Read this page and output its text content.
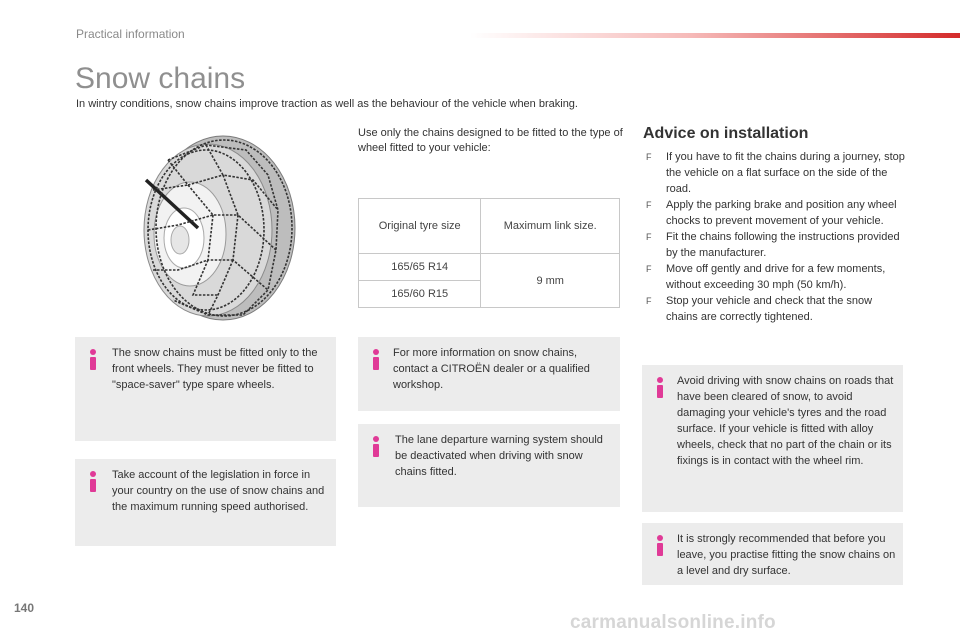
Practical information
Snow chains

In wintry conditions, snow chains improve traction as well as the behaviour of the vehicle when braking.

Use only the chains designed to be fitted to the type of wheel fitted to your vehicle:

Original tyre size	Maximum link size.
165/65 R14	9 mm
165/60 R15	
Advice on installation
F If you have to fit the chains during a journey, stop the vehicle on a flat surface on the side of the road.
F Apply the parking brake and position any wheel chocks to prevent movement of your vehicle.
F Fit the chains following the instructions provided by the manufacturer.
F Move off gently and drive for a few moments, without exceeding 30 mph (50 km/h).
F Stop your vehicle and check that the snow chains are correctly tightened.

The snow chains must be fitted only to the front wheels. They must never be fitted to "space-saver" type spare wheels.

Take account of the legislation in force in your country on the use of snow chains and the maximum running speed authorised.

For more information on snow chains, contact a CITROËN dealer or a qualified workshop.

The lane departure warning system should be deactivated when driving with snow chains fitted.

Avoid driving with snow chains on roads that have been cleared of snow, to avoid damaging your vehicle's tyres and the road surface. If your vehicle is fitted with alloy wheels, check that no part of the chain or its fixings is in contact with the wheel rim.

It is strongly recommended that before you leave, you practise fitting the snow chains on a level and dry surface.

140
carmanualsonline.info
